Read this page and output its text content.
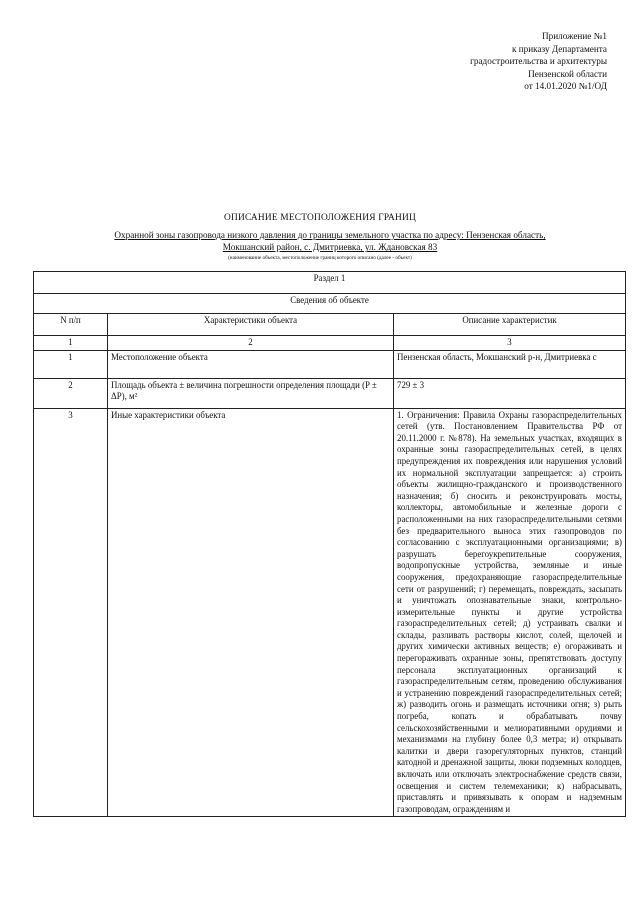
Приложение №1
к приказу Департамента
градостроительства и архитектуры
Пензенской области
от 14.01.2020 №1/ОД
ОПИСАНИЕ МЕСТОПОЛОЖЕНИЯ ГРАНИЦ
Охранной зоны газопровода низкого давления до границы земельного участка по адресу: Пензенская область,
Мокшанский район, с. Дмитриевка, ул. Ждановская 83
(наименование объекта, местоположение границ которого описано (далее - объект)
Раздел 1		
Сведения об объекте		
N п/п	Характеристики объекта	Описание характеристик
1	2	3
1	Местоположение объекта	Пензенская область, Мокшанский р-н, Дмитриевка с
2	Площадь объекта ± величина погрешности определения площади (P ± ΔP), м²	729 ± 3
3	Иные характеристики объекта	1. Ограничения: Правила Охраны газораспределительных сетей (утв. Постановлением Правительства РФ от 20.11.2000 г. №878). На земельных участках, входящих в охранные зоны газораспределительных сетей, в целях предупреждения их повреждения или нарушения условий их нормальной эксплуатации запрещается: а) строить объекты жилищно-гражданского и производственного назначения; б) сносить и реконструировать мосты, коллекторы, автомобильные и железные дороги с расположенными на них газораспределительными сетями без предварительного выноса этих газопроводов по согласованию с эксплуатационными организациями; в) разрушать берегоукрепительные сооружения, водопропускные устройства, земляные и иные сооружения, предохраняющие газораспределительные сети от разрушений; г) перемещать, повреждать, засыпать и уничтожать опознавательные знаки, контрольно-измерительные пункты и другие устройства газораспределительных сетей; д) устраивать свалки и склады, разливать растворы кислот, солей, щелочей и других химически активных веществ; е) огораживать и перегораживать охранные зоны, препятствовать доступу персонала эксплуатационных организаций к газораспределительным сетям, проведению обслуживания и устранению повреждений газораспределительных сетей; ж) разводить огонь и размещать источники огня; з) рыть погреба, копать и обрабатывать почву сельскохозяйственными и мелиоративными орудиями и механизмами на глубину более 0,3 метра; и) открывать калитки и двери газорегуляторных пунктов, станций катодной и дренажной защиты, люки подземных колодцев, включать или отключать электроснабжение средств связи, освещения и систем телемеханики; к) набрасывать, приставлять и привязывать к опорам и надземным газопроводам, ограждениям и
